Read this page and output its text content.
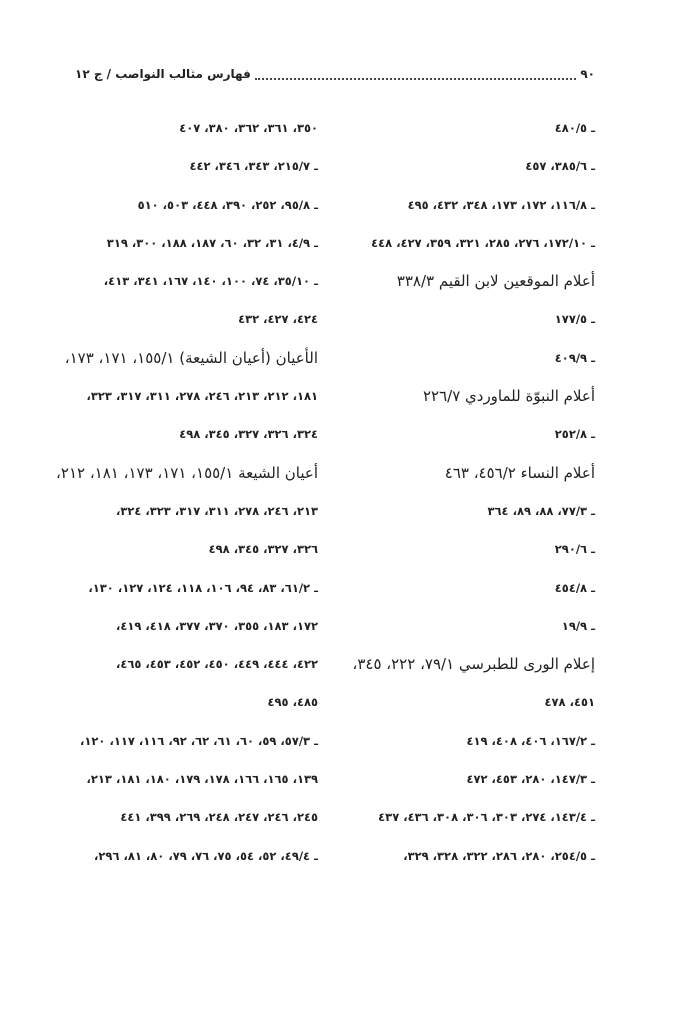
٩٠
فهارس مثالب النواصب / ج ١٢
ـ ٤٨٠/٥
ـ ٣٨٥/٦، ٤٥٧
ـ ١١٦/٨، ١٧٢، ١٧٣، ٣٤٨، ٤٣٢، ٤٩٥
ـ ١٧٢/١٠، ٢٧٦، ٢٨٥، ٣٢١، ٣٥٩، ٤٢٧، ٤٤٨
أعلام الموقعين لابن القيم ٣٣٨/٣
ـ ١٧٧/٥
ـ ٤٠٩/٩
أعلام النبوّة للماوردي ٢٢٦/٧
ـ ٢٥٢/٨
أعلام النساء ٤٥٦/٢، ٤٦٣
ـ ٧٧/٣، ٨٨، ٨٩، ٣٦٤
ـ ٢٩٠/٦
ـ ٤٥٤/٨
ـ ١٩/٩
إعلام الورى للطبرسي ٧٩/١، ٢٢٢، ٣٤٥،
٤٥١، ٤٧٨
ـ ١٦٧/٢، ٤٠٦، ٤٠٨، ٤١٩
ـ ١٤٧/٣، ٢٨٠، ٤٥٣، ٤٧٢
ـ ١٤٣/٤، ٢٧٤، ٣٠٣، ٣٠٦، ٣٠٨، ٤٣٦، ٤٣٧
ـ ٢٥٤/٥، ٢٨٠، ٢٨٦، ٣٢٢، ٣٢٨، ٣٢٩،
٣٥٠، ٣٦١، ٣٦٢، ٣٨٠، ٤٠٧
ـ ٢١٥/٧، ٣٤٣، ٣٤٦، ٤٤٢
ـ ٩٥/٨، ٢٥٢، ٣٩٠، ٤٤٨، ٥٠٣، ٥١٠
ـ ٤/٩، ٣١، ٣٢، ٦٠، ١٨٧، ١٨٨، ٣٠٠، ٣١٩
ـ ٣٥/١٠، ٧٤، ١٠٠، ١٤٠، ١٦٧، ٣٤١، ٤١٣،
٤٢٤، ٤٢٧، ٤٣٢
الأعيان (أعيان الشيعة) ١٥٥/١، ١٧١، ١٧٣،
١٨١، ٢١٢، ٢١٣، ٢٤٦، ٢٧٨، ٣١١، ٣١٧، ٣٢٣،
٣٢٤، ٣٢٦، ٣٢٧، ٣٤٥، ٤٩٨
أعيان الشيعة ١٥٥/١، ١٧١، ١٧٣، ١٨١، ٢١٢،
٢١٣، ٢٤٦، ٢٧٨، ٣١١، ٣١٧، ٣٢٣، ٣٢٤،
٣٢٦، ٣٢٧، ٣٤٥، ٤٩٨
ـ ٦١/٢، ٨٣، ٩٤، ١٠٦، ١١٨، ١٢٤، ١٢٧، ١٣٠،
١٧٢، ١٨٣، ٣٥٥، ٣٧٠، ٣٧٧، ٤١٨، ٤١٩،
٤٢٢، ٤٤٤، ٤٤٩، ٤٥٠، ٤٥٢، ٤٥٣، ٤٦٥،
٤٨٥، ٤٩٥
ـ ٥٧/٣، ٥٩، ٦٠، ٦١، ٦٢، ٩٢، ١١٦، ١١٧، ١٢٠،
١٣٩، ١٦٥، ١٦٦، ١٧٨، ١٧٩، ١٨٠، ١٨١، ٢١٣،
٢٤٥، ٢٤٦، ٢٤٧، ٢٤٨، ٢٦٩، ٣٩٩، ٤٤١
ـ ٤٩/٤، ٥٢، ٥٤، ٧٥، ٧٦، ٧٩، ٨٠، ٨١، ٢٩٦،
